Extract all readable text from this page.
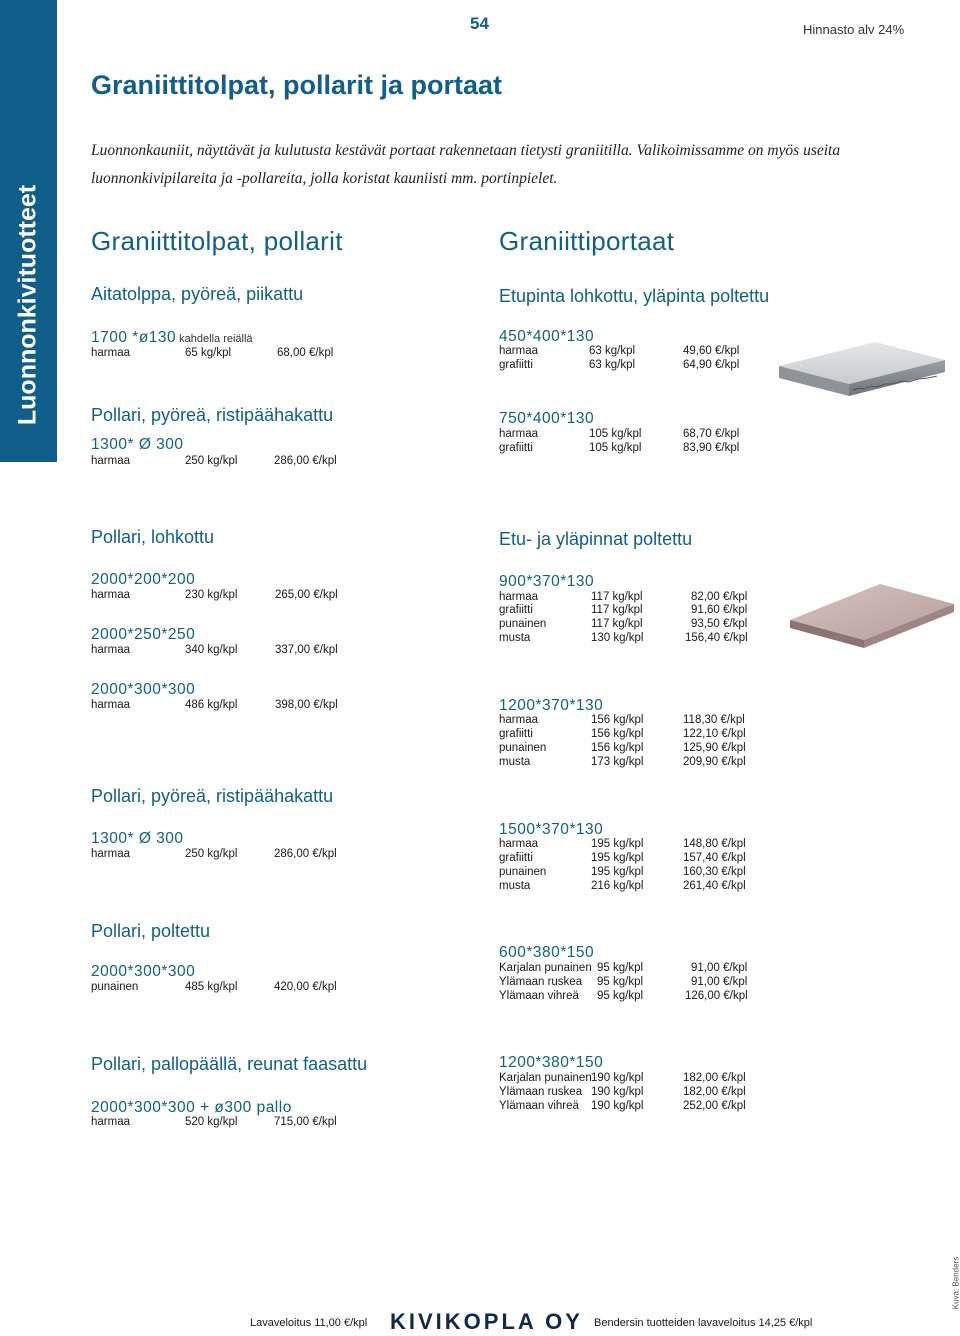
Luonnonkivituotteet
54	Hinnasto alv 24%
Graniittitolpat, pollarit ja portaat
Luonnonkauniit, näyttävät ja kulutusta kestävät portaat rakennetaan tietysti graniitilla. Valikoimissamme on myös useita luonnonkivipilareita ja -pollareita, jolla koristat kauniisti mm. portinpielet.
Graniittitolpat, pollarit
Aitatolppa, pyöreä, piikattu
1700 *ø130 kahdella reiällä
harmaa	65 kg/kpl	68,00 €/kpl
Pollari, pyöreä, ristipäähakattu
1300* Ø 300
harmaa	250 kg/kpl	286,00 €/kpl
Pollari, lohkottu
2000*200*200
harmaa	230 kg/kpl	265,00 €/kpl
2000*250*250
harmaa	340 kg/kpl	337,00 €/kpl
2000*300*300
harmaa	486 kg/kpl	398,00 €/kpl
Pollari, pyöreä, ristipäähakattu
1300* Ø 300
harmaa	250 kg/kpl	286,00 €/kpl
Pollari, poltettu
2000*300*300
punainen	485 kg/kpl	420,00 €/kpl
Pollari, pallopäällä, reunat faasattu
2000*300*300 + ø300 pallo
harmaa	520 kg/kpl	715,00 €/kpl
Graniittiportaat
Etupinta lohkottu, yläpinta poltettu
450*400*130
harmaa	63 kg/kpl	49,60 €/kpl
grafiitti	63 kg/kpl	64,90 €/kpl
750*400*130
harmaa	105 kg/kpl	68,70 €/kpl
grafiitti	105 kg/kpl	83,90 €/kpl
Etu- ja yläpinnat poltettu
900*370*130
harmaa	117 kg/kpl	82,00 €/kpl
grafiitti	117 kg/kpl	91,60 €/kpl
punainen	117 kg/kpl	93,50 €/kpl
musta	130 kg/kpl	156,40 €/kpl
1200*370*130
harmaa	156 kg/kpl	118,30 €/kpl
grafiitti	156 kg/kpl	122,10 €/kpl
punainen	156 kg/kpl	125,90 €/kpl
musta	173 kg/kpl	209,90 €/kpl
1500*370*130
harmaa	195 kg/kpl	148,80 €/kpl
grafiitti	195 kg/kpl	157,40 €/kpl
punainen	195 kg/kpl	160,30 €/kpl
musta	216 kg/kpl	261,40 €/kpl
600*380*150
Karjalan punainen 95 kg/kpl	91,00 €/kpl
Ylämaan ruskea 95 kg/kpl	91,00 €/kpl
Ylämaan vihreä 95 kg/kpl	126,00 €/kpl
1200*380*150
Karjalan punainen 190 kg/kpl	182,00 €/kpl
Ylämaan ruskea 190 kg/kpl	182,00 €/kpl
Ylämaan vihreä 190 kg/kpl	252,00 €/kpl
Lavaveloitus 11,00 €/kpl KIVIKOPLA OY Bendersin tuotteiden lavaveloitus 14,25 €/kpl
Kuva: Benders
